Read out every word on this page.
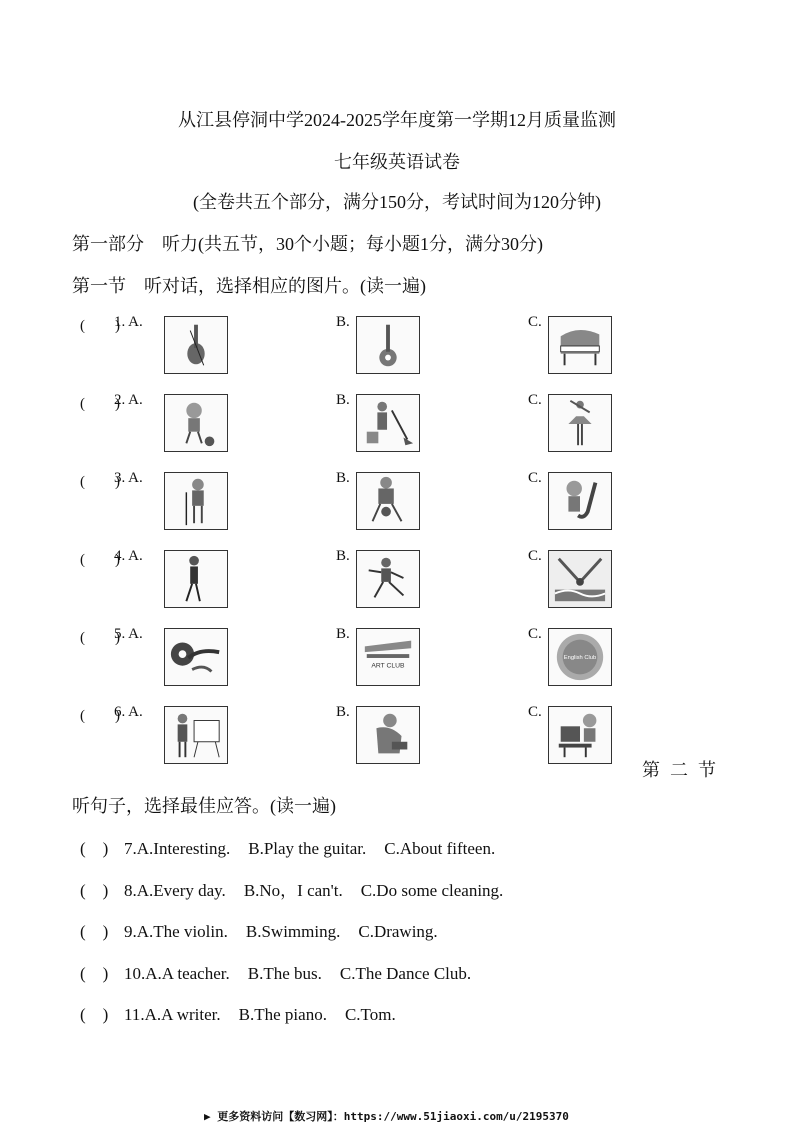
从江县停洞中学2024-2025学年度第一学期12月质量监测
七年级英语试卷
(全卷共五个部分，满分150分，考试时间为120分钟)
第一部分　听力(共五节，30个小题；每小题1分，满分30分)
第一节　听对话，选择相应的图片。(读一遍)
(　　)
1. A.	B.	C.
(　　)
2. A.	B.	C.
(　　)
3. A.	B.	C.
(　　)
4. A.	B.	C.
(　　)
5. A.	B.
ART CLUB
C.
English Club
(　　)
6. A.	B.	C.
第二节
听句子，选择最佳应答。(读一遍)
(　) 7.A.Interesting. B.Play the guitar. C.About fifteen.
(　) 8.A.Every day. B.No，I can't. C.Do some cleaning.
(　) 9.A.The violin. B.Swimming. C.Drawing.
(　) 10.A.A teacher. B.The bus. C.The Dance Club.
(　) 11.A.A writer. B.The piano. C.Tom.
▶ 更多资料访问【数习网】：https://www.51jiaoxi.com/u/2195370
